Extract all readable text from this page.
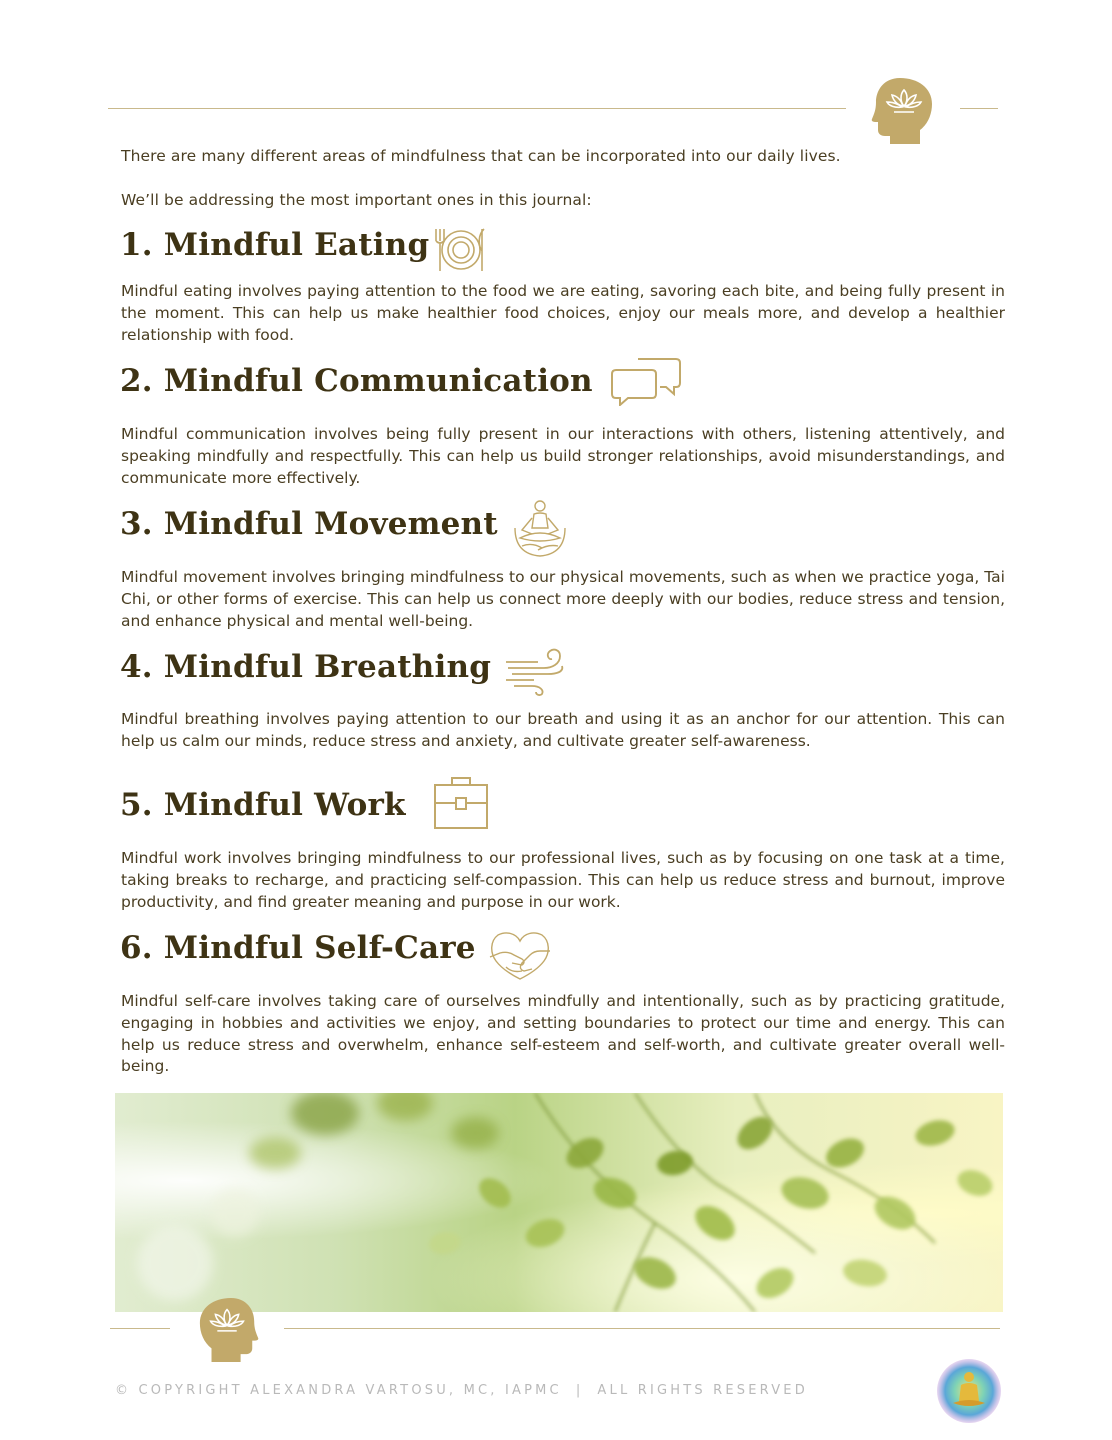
There are many different areas of mindfulness that can be incorporated into our daily lives.
We’ll be addressing the most important ones in this journal:
1. Mindful Eating
Mindful eating involves paying attention to the food we are eating, savoring each bite, and being fully present in the moment. This can help us make healthier food choices, enjoy our meals more, and develop a healthier relationship with food.
2. Mindful Communication
Mindful communication involves being fully present in our interactions with others, listening attentively, and speaking mindfully and respectfully. This can help us build stronger relationships, avoid misunderstandings, and communicate more effectively.
3. Mindful Movement
Mindful movement involves bringing mindfulness to our physical movements, such as when we practice yoga, Tai Chi, or other forms of exercise. This can help us connect more deeply with our bodies, reduce stress and tension, and enhance physical and mental well-being.
4. Mindful Breathing
Mindful breathing involves paying attention to our breath and using it as an anchor for our attention. This can help us calm our minds, reduce stress and anxiety, and cultivate greater self-awareness.
5. Mindful Work
Mindful work involves bringing mindfulness to our professional lives, such as by focusing on one task at a time, taking breaks to recharge, and practicing self-compassion. This can help us reduce stress and burnout, improve productivity, and find greater meaning and purpose in our work.
6. Mindful Self-Care
Mindful self-care involves taking care of ourselves mindfully and intentionally, such as by practicing gratitude, engaging in hobbies and activities we enjoy, and setting boundaries to protect our time and energy. This can help us reduce stress and overwhelm, enhance self-esteem and self-worth, and cultivate greater overall well-being.
© COPYRIGHT ALEXANDRA VARTOSU, MC, IAPMC | ALL RIGHTS RESERVED
